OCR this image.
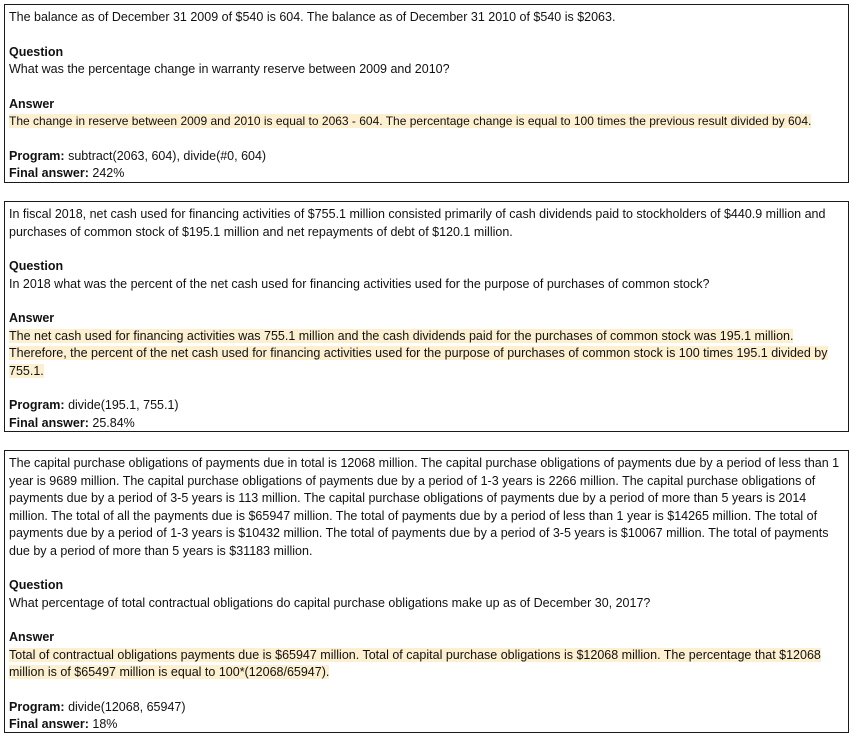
The balance as of December 31 2009 of $540 is 604. The balance as of December 31 2010 of $540 is $2063.

Question

What was the percentage change in warranty reserve between 2009 and 2010?

Answer

The change in reserve between 2009 and 2010 is equal to 2063 - 604. The percentage change is equal to 100 times the previous result divided by 604.

Program: subtract(2063, 604), divide(#0, 604)
Final answer: 242%

In fiscal 2018, net cash used for financing activities of $755.1 million consisted primarily of cash dividends paid to stockholders of $440.9 million and purchases of common stock of $195.1 million and net repayments of debt of $120.1 million.

Question

In 2018 what was the percent of the net cash used for financing activities used for the purpose of purchases of common stock?

Answer

The net cash used for financing activities was 755.1 million and the cash dividends paid for the purchases of common stock was 195.1 million. Therefore, the percent of the net cash used for financing activities used for the purpose of purchases of common stock is 100 times 195.1 divided by 755.1.

Program: divide(195.1, 755.1)
Final answer: 25.84%

The capital purchase obligations of payments due in total is 12068 million. The capital purchase obligations of payments due by a period of less than 1 year is 9689 million. The capital purchase obligations of payments due by a period of 1-3 years is 2266 million. The capital purchase obligations of payments due by a period of 3-5 years is 113 million. The capital purchase obligations of payments due by a period of more than 5 years is 2014 million. The total of all the payments due is $65947 million. The total of payments due by a period of less than 1 year is $14265 million. The total of payments due by a period of 1-3 years is $10432 million. The total of payments due by a period of 3-5 years is $10067 million. The total of payments due by a period of more than 5 years is $31183 million.

Question

What percentage of total contractual obligations do capital purchase obligations make up as of December 30, 2017?

Answer

Total of contractual obligations payments due is $65947 million. Total of capital purchase obligations is $12068 million. The percentage that $12068 million is of $65497 million is equal to 100*(12068/65947).

Program: divide(12068, 65947)
Final answer: 18%
